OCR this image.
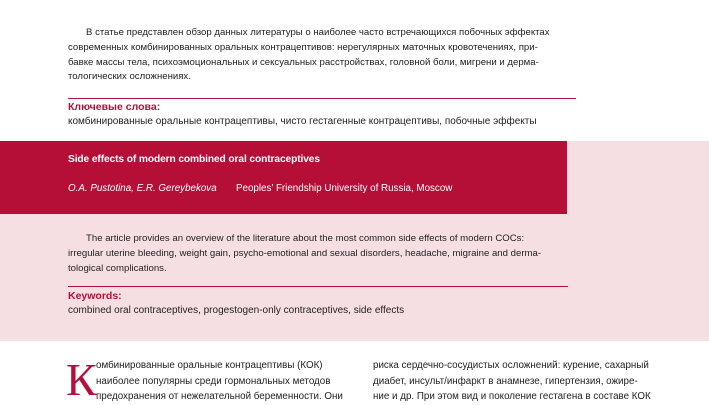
В статье представлен обзор данных литературы о наиболее часто встречающихся побочных эффектах

современных комбинированных оральных контрацептивов: нерегулярных маточных кровотечениях, при-
бавке массы тела, психоэмоциональных и сексуальных расстройствах, головной боли, мигрени и дерма-
тологических осложнениях.
Ключевые слова:
комбинированные оральные контрацептивы, чисто гестагенные контрацептивы, побочные эффекты
Side effects of modern combined oral contraceptives
O.A. Pustotina, E.R. Gereybekova Peoples’ Friendship University of Russia, Moscow

The article provides an overview of the literature about the most common side effects of modern COCs:

irregular uterine bleeding, weight gain, psycho-emotional and sexual disorders, headache, migraine and derma-
tological complications.
Keywords:
combined oral contraceptives, progestogen-only contraceptives, side effects
К омбинированные оральные контрацептивы (КОК)
наиболее популярны среди гормональных методов
предохранения от нежелательной беременности. Они
риска сердечно-сосудистых осложнений: курение, сахарный
диабет, инсульт/инфаркт в анамнезе, гипертензия, ожире-
ние и др. При этом вид и поколение гестагена в составе КОК
